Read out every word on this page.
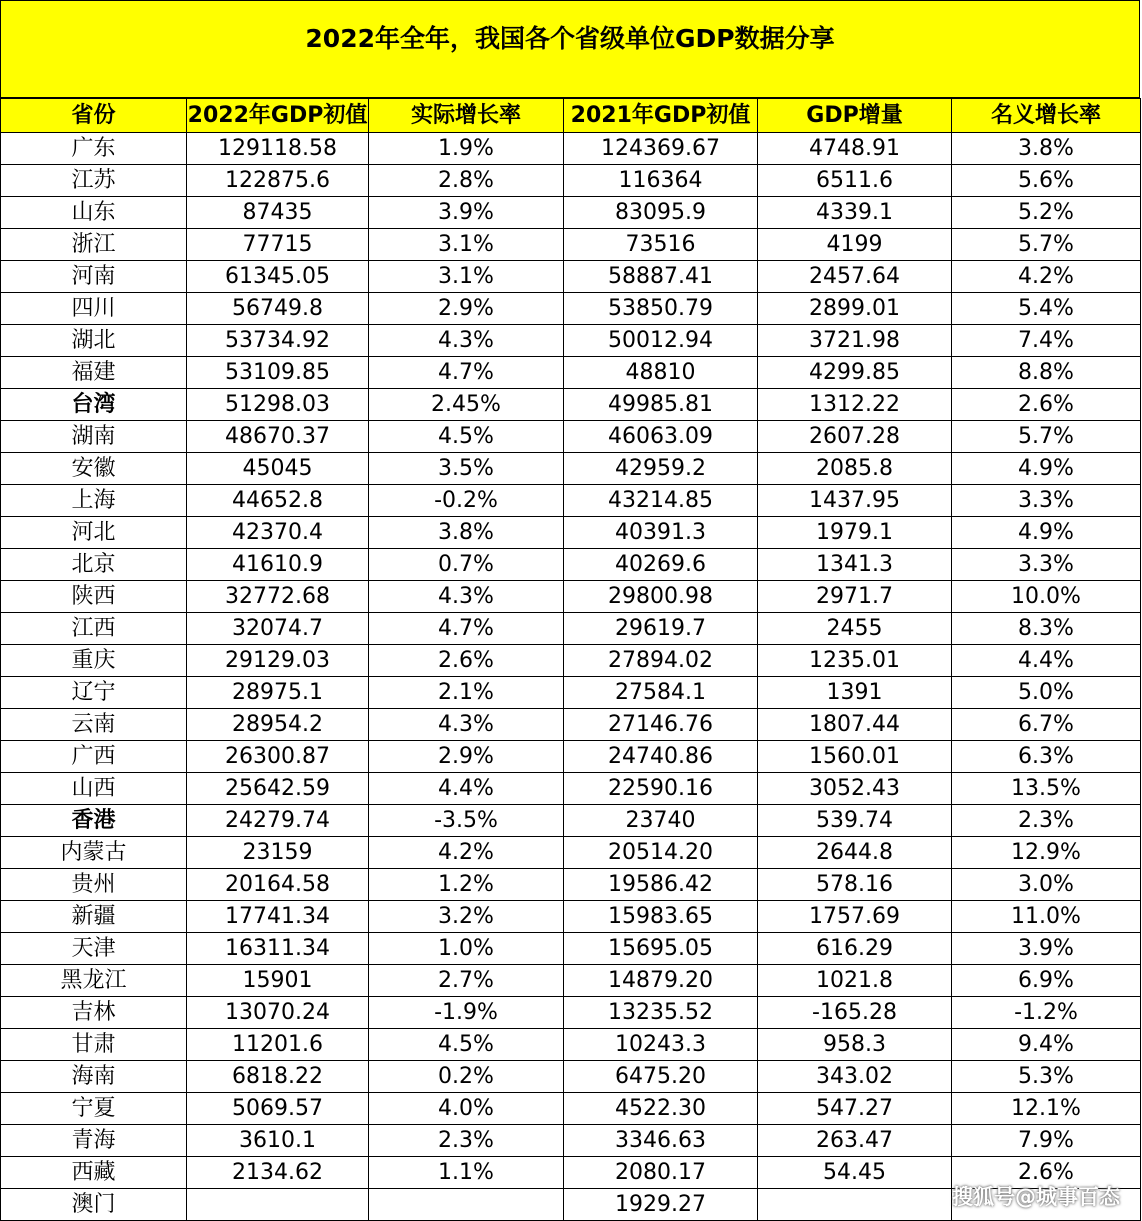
2022年全年，我国各个省级单位GDP数据分享
省份	2022年GDP初值	实际增长率	2021年GDP初值	GDP增量	名义增长率
广东	129118.58	1.9%	124369.67	4748.91	3.8%
江苏	122875.6	2.8%	116364	6511.6	5.6%
山东	87435	3.9%	83095.9	4339.1	5.2%
浙江	77715	3.1%	73516	4199	5.7%
河南	61345.05	3.1%	58887.41	2457.64	4.2%
四川	56749.8	2.9%	53850.79	2899.01	5.4%
湖北	53734.92	4.3%	50012.94	3721.98	7.4%
福建	53109.85	4.7%	48810	4299.85	8.8%
台湾	51298.03	2.45%	49985.81	1312.22	2.6%
湖南	48670.37	4.5%	46063.09	2607.28	5.7%
安徽	45045	3.5%	42959.2	2085.8	4.9%
上海	44652.8	-0.2%	43214.85	1437.95	3.3%
河北	42370.4	3.8%	40391.3	1979.1	4.9%
北京	41610.9	0.7%	40269.6	1341.3	3.3%
陕西	32772.68	4.3%	29800.98	2971.7	10.0%
江西	32074.7	4.7%	29619.7	2455	8.3%
重庆	29129.03	2.6%	27894.02	1235.01	4.4%
辽宁	28975.1	2.1%	27584.1	1391	5.0%
云南	28954.2	4.3%	27146.76	1807.44	6.7%
广西	26300.87	2.9%	24740.86	1560.01	6.3%
山西	25642.59	4.4%	22590.16	3052.43	13.5%
香港	24279.74	-3.5%	23740	539.74	2.3%
内蒙古	23159	4.2%	20514.20	2644.8	12.9%
贵州	20164.58	1.2%	19586.42	578.16	3.0%
新疆	17741.34	3.2%	15983.65	1757.69	11.0%
天津	16311.34	1.0%	15695.05	616.29	3.9%
黑龙江	15901	2.7%	14879.20	1021.8	6.9%
吉林	13070.24	-1.9%	13235.52	-165.28	-1.2%
甘肃	11201.6	4.5%	10243.3	958.3	9.4%
海南	6818.22	0.2%	6475.20	343.02	5.3%
宁夏	5069.57	4.0%	4522.30	547.27	12.1%
青海	3610.1	2.3%	3346.63	263.47	7.9%
西藏	2134.62	1.1%	2080.17	54.45	2.6%
澳门			1929.27			搜狐号@城事百态
